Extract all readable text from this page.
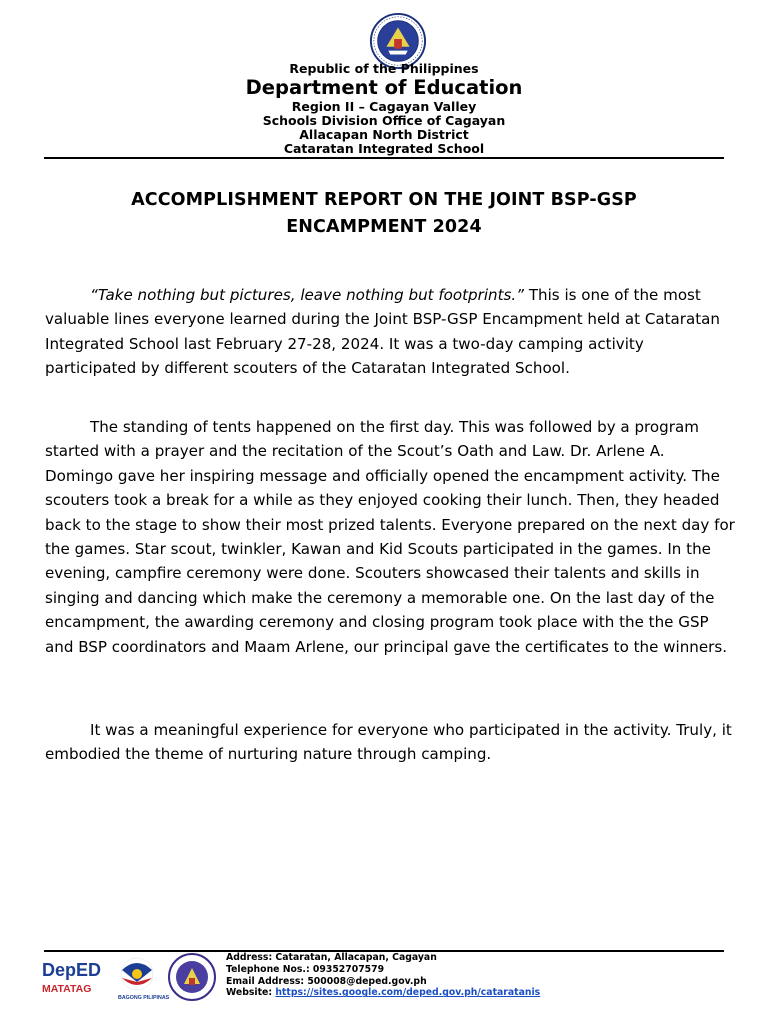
Republic of the Philippines
Department of Education
Region II – Cagayan Valley
Schools Division Office of Cagayan
Allacapan North District
Cataratan Integrated School
ACCOMPLISHMENT REPORT ON THE JOINT BSP-GSP
ENCAMPMENT 2024

“Take nothing but pictures, leave nothing but footprints.” This is one of the most valuable lines everyone learned during the Joint BSP-GSP Encampment held at Cataratan Integrated School last February 27-28, 2024. It was a two-day camping activity participated by different scouters of the Cataratan Integrated School.

The standing of tents happened on the first day. This was followed by a program started with a prayer and the recitation of the Scout’s Oath and Law. Dr. Arlene A. Domingo gave her inspiring message and officially opened the encampment activity. The scouters took a break for a while as they enjoyed cooking their lunch. Then, they headed back to the stage to show their most prized talents. Everyone prepared on the next day for the games. Star scout, twinkler, Kawan and Kid Scouts participated in the games. In the evening, campfire ceremony were done. Scouters showcased their talents and skills in singing and dancing which make the ceremony a memorable one. On the last day of the encampment, the awarding ceremony and closing program took place with the the GSP and BSP coordinators and Maam Arlene, our principal gave the certificates to the winners.

It was a meaningful experience for everyone who participated in the activity. Truly, it embodied the theme of nurturing nature through camping.

DepED
MATATAG
BAGONG PILIPINAS
Address: Cataratan, Allacapan, Cagayan
Telephone Nos.: 09352707579
Email Address: 500008@deped.gov.ph
Website: https://sites.google.com/deped.gov.ph/cataratanis
